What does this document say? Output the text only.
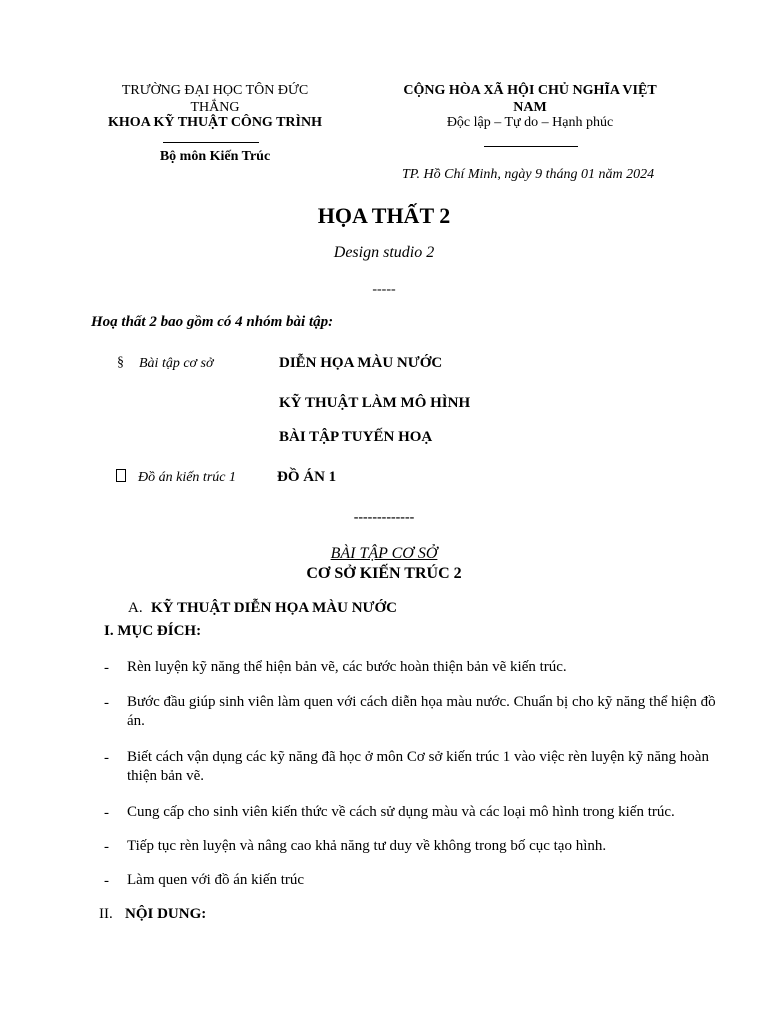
TRƯỜNG ĐẠI HỌC TÔN ĐỨC
THẮNG
KHOA KỸ THUẬT CÔNG TRÌNH
Bộ môn Kiến Trúc
CỘNG HÒA XÃ HỘI CHỦ NGHĨA VIỆT
NAM
Độc lập – Tự do – Hạnh phúc
TP. Hồ Chí Minh, ngày 9 tháng 01 năm 2024
HỌA THẤT 2
Design studio 2
-----
Hoạ thất 2 bao gồm có 4 nhóm bài tập:
§ Bài tập cơ sở	DIỄN HỌA MÀU NƯỚC
KỸ THUẬT LÀM MÔ HÌNH
BÀI TẬP TUYẾN HOẠ
Đồ án kiến trúc 1	ĐỒ ÁN 1
-------------
BÀI TẬP CƠ SỞ
CƠ SỞ KIẾN TRÚC 2
A. KỸ THUẬT DIỄN HỌA MÀU NƯỚC
I. MỤC ĐÍCH:
- Rèn luyện kỹ năng thể hiện bản vẽ, các bước hoàn thiện bản vẽ kiến trúc.
- Bước đầu giúp sinh viên làm quen với cách diễn họa màu nước. Chuẩn bị cho kỹ năng thể hiện đồ án.
- Biết cách vận dụng các kỹ năng đã học ở môn Cơ sở kiến trúc 1 vào việc rèn luyện kỹ năng hoàn thiện bản vẽ.
- Cung cấp cho sinh viên kiến thức về cách sử dụng màu và các loại mô hình trong kiến trúc.
- Tiếp tục rèn luyện và nâng cao khả năng tư duy về không trong bố cục tạo hình.
- Làm quen với đồ án kiến trúc
II. NỘI DUNG:
